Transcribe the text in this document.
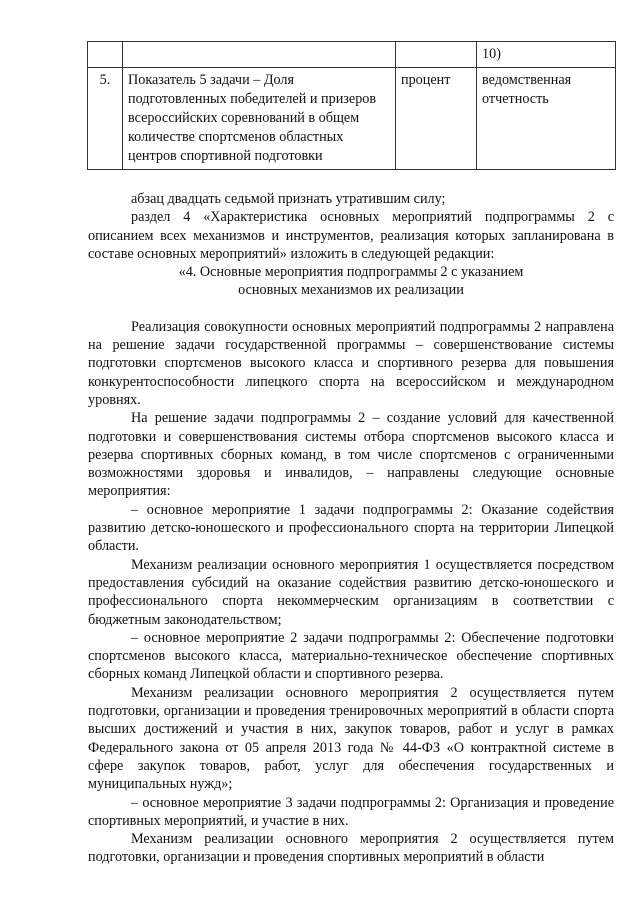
			10)
5.	Показатель 5 задачи – Доля подготовленных победителей и призеров всероссийских соревнований в общем количестве спортсменов областных центров спортивной подготовки	процент	ведомственная отчетность

абзац двадцать седьмой признать утратившим силу;

раздел 4 «Характеристика основных мероприятий подпрограммы 2 с описанием всех механизмов и инструментов, реализация которых запланирована в составе основных мероприятий» изложить в следующей редакции:

«4. Основные мероприятия подпрограммы 2 с указанием

основных механизмов их реализации

Реализация совокупности основных мероприятий подпрограммы 2 направлена на решение задачи государственной программы – совершенствование системы подготовки спортсменов высокого класса и спортивного резерва для повышения конкурентоспособности липецкого спорта на всероссийском и международном уровнях.

На решение задачи подпрограммы 2 – создание условий для качественной подготовки и совершенствования системы отбора спортсменов высокого класса и резерва спортивных сборных команд, в том числе спортсменов с ограниченными возможностями здоровья и инвалидов, – направлены следующие основные мероприятия:

– основное мероприятие 1 задачи подпрограммы 2: Оказание содействия развитию детско-юношеского и профессионального спорта на территории Липецкой области.

Механизм реализации основного мероприятия 1 осуществляется посредством предоставления субсидий на оказание содействия развитию детско-юношеского и профессионального спорта некоммерческим организациям в соответствии с бюджетным законодательством;

– основное мероприятие 2 задачи подпрограммы 2: Обеспечение подготовки спортсменов высокого класса, материально-техническое обеспечение спортивных сборных команд Липецкой области и спортивного резерва.

Механизм реализации основного мероприятия 2 осуществляется путем подготовки, организации и проведения тренировочных мероприятий в области спорта высших достижений и участия в них, закупок товаров, работ и услуг в рамках Федерального закона от 05 апреля 2013 года № 44-ФЗ «О контрактной системе в сфере закупок товаров, работ, услуг для обеспечения государственных и муниципальных нужд»;

– основное мероприятие 3 задачи подпрограммы 2: Организация и проведение спортивных мероприятий, и участие в них.

Механизм реализации основного мероприятия 2 осуществляется путем подготовки, организации и проведения спортивных мероприятий в области
